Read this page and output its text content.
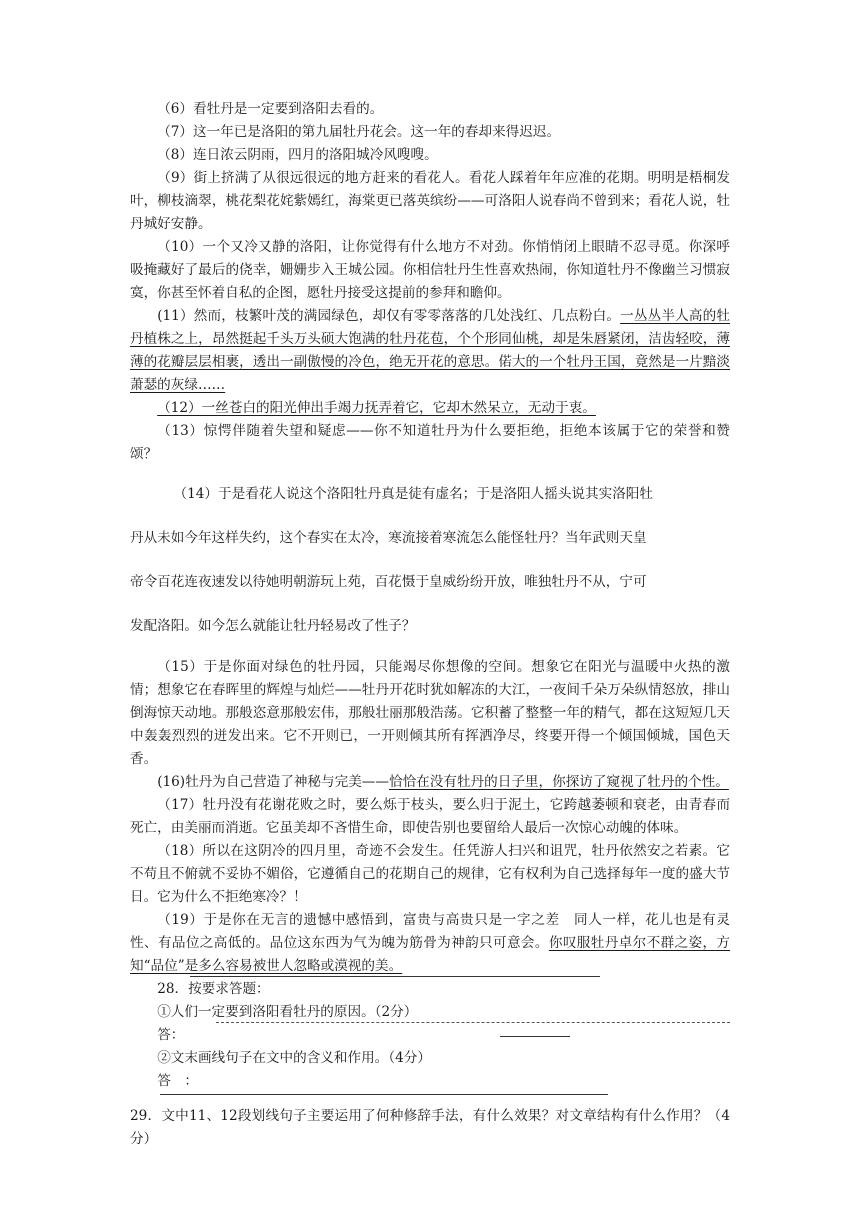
（6）看牡丹是一定要到洛阳去看的。

（7）这一年已是洛阳的第九届牡丹花会。这一年的春却来得迟迟。

（8）连日浓云阴雨，四月的洛阳城冷风嗖嗖。

（9）街上挤满了从很远很远的地方赶来的看花人。看花人踩着年年应准的花期。明明是梧桐发叶，柳枝滴翠，桃花梨花姹紫嫣红，海棠更已落英缤纷——可洛阳人说春尚不曾到来；看花人说，牡丹城好安静。

（10）一个又冷又静的洛阳，让你觉得有什么地方不对劲。你悄悄闭上眼睛不忍寻觅。你深呼吸掩藏好了最后的侥幸，姗姗步入王城公园。你相信牡丹生性喜欢热闹，你知道牡丹不像幽兰习惯寂寞，你甚至怀着自私的企图，愿牡丹接受这提前的参拜和瞻仰。

(11）然而，枝繁叶茂的满园绿色，却仅有零零落落的几处浅红、几点粉白。一丛丛半人高的牡丹植株之上，昂然挺起千头万头硕大饱满的牡丹花苞，个个形同仙桃，却是朱唇紧闭，洁齿轻咬，薄薄的花瓣层层相裹，透出一副傲慢的冷色，绝无开花的意思。偌大的一个牡丹王国，竟然是一片黯淡萧瑟的灰绿……

（12）一丝苍白的阳光伸出手竭力抚弄着它，它却木然呆立，无动于衷。

（13）惊愕伴随着失望和疑虑——你不知道牡丹为什么要拒绝，拒绝本该属于它的荣誉和赞颂？

（14）于是看花人说这个洛阳牡丹真是徒有虚名；于是洛阳人摇头说其实洛阳牡

丹从未如今年这样失约，这个春实在太冷，寒流接着寒流怎么能怪牡丹？当年武则天皇

帝令百花连夜速发以待她明朝游玩上苑，百花慑于皇威纷纷开放，唯独牡丹不从，宁可

发配洛阳。如今怎么就能让牡丹轻易改了性子？

（15）于是你面对绿色的牡丹园，只能竭尽你想像的空间。想象它在阳光与温暖中火热的激情；想象它在春晖里的辉煌与灿烂——牡丹开花时犹如解冻的大江，一夜间千朵万朵纵情怒放，排山倒海惊天动地。那般恣意那般宏伟，那般壮丽那般浩荡。它积蓄了整整一年的精气，都在这短短几天中轰轰烈烈的迸发出来。它不开则已，一开则倾其所有挥洒净尽，终要开得一个倾国倾城，国色天香。

(16)牡丹为自己营造了神秘与完美——恰恰在没有牡丹的日子里，你探访了窥视了牡丹的个性。

（17）牡丹没有花谢花败之时，要么烁于枝头，要么归于泥土，它跨越萎顿和衰老，由青春而死亡，由美丽而消逝。它虽美却不吝惜生命，即使告别也要留给人最后一次惊心动魄的体味。

（18）所以在这阴冷的四月里，奇迹不会发生。任凭游人扫兴和诅咒，牡丹依然安之若素。它不苟且不俯就不妥协不媚俗，它遵循自己的花期自己的规律，它有权利为自己选择每年一度的盛大节日。它为什么不拒绝寒冷？！

（19）于是你在无言的遗憾中感悟到，富贵与高贵只是一字之差　同人一样，花儿也是有灵性、有品位之高低的。品位这东西为气为魄为筋骨为神韵只可意会。你叹服牡丹卓尔不群之姿，方知“品位”是多么容易被世人忽略或漠视的美。

28．按要求答题：

①人们一定要到洛阳看牡丹的原因。（2分）

答：

②文末画线句子在文中的含义和作用。（4分）

答　：

29．文中11、12段划线句子主要运用了何种修辞手法，有什么效果？对文章结构有什么作用？（4分）
